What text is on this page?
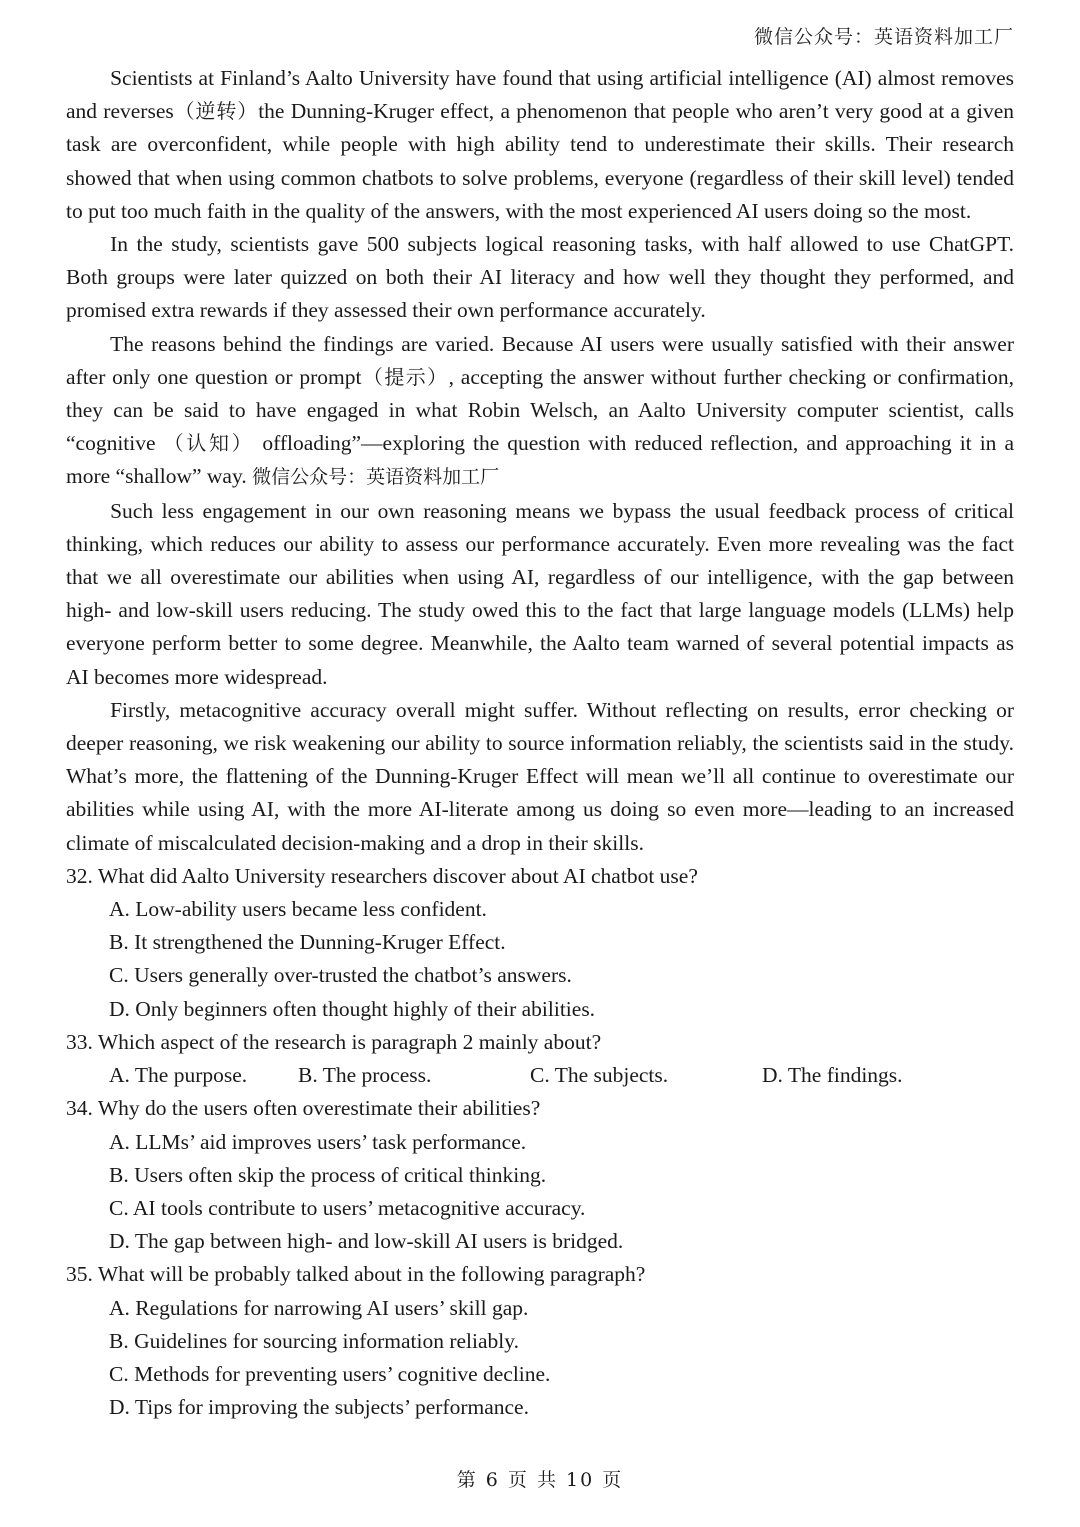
微信公众号：英语资料加工厂

Scientists at Finland’s Aalto University have found that using artificial intelligence (AI) almost removes and reverses（逆转）the Dunning-Kruger effect, a phenomenon that people who aren’t very good at a given task are overconfident, while people with high ability tend to underestimate their skills. Their research showed that when using common chatbots to solve problems, everyone (regardless of their skill level) tended to put too much faith in the quality of the answers, with the most experienced AI users doing so the most.

In the study, scientists gave 500 subjects logical reasoning tasks, with half allowed to use ChatGPT. Both groups were later quizzed on both their AI literacy and how well they thought they performed, and promised extra rewards if they assessed their own performance accurately.

The reasons behind the findings are varied. Because AI users were usually satisfied with their answer after only one question or prompt（提示）, accepting the answer without further checking or confirmation, they can be said to have engaged in what Robin Welsch, an Aalto University computer scientist, calls “cognitive （认知） offloading”—exploring the question with reduced reflection, and approaching it in a more “shallow” way. 微信公众号：英语资料加工厂

Such less engagement in our own reasoning means we bypass the usual feedback process of critical thinking, which reduces our ability to assess our performance accurately. Even more revealing was the fact that we all overestimate our abilities when using AI, regardless of our intelligence, with the gap between high- and low-skill users reducing. The study owed this to the fact that large language models (LLMs) help everyone perform better to some degree. Meanwhile, the Aalto team warned of several potential impacts as AI becomes more widespread.

Firstly, metacognitive accuracy overall might suffer. Without reflecting on results, error checking or deeper reasoning, we risk weakening our ability to source information reliably, the scientists said in the study. What’s more, the flattening of the Dunning-Kruger Effect will mean we’ll all continue to overestimate our abilities while using AI, with the more AI-literate among us doing so even more—leading to an increased climate of miscalculated decision-making and a drop in their skills.

32. What did Aalto University researchers discover about AI chatbot use?

A. Low-ability users became less confident.

B. It strengthened the Dunning-Kruger Effect.

C. Users generally over-trusted the chatbot’s answers.

D. Only beginners often thought highly of their abilities.

33. Which aspect of the research is paragraph 2 mainly about?

A. The purpose.	B. The process.	C. The subjects.	D. The findings.

34. Why do the users often overestimate their abilities?

A. LLMs’ aid improves users’ task performance.

B. Users often skip the process of critical thinking.

C. AI tools contribute to users’ metacognitive accuracy.

D. The gap between high- and low-skill AI users is bridged.

35. What will be probably talked about in the following paragraph?

A. Regulations for narrowing AI users’ skill gap.

B. Guidelines for sourcing information reliably.

C. Methods for preventing users’ cognitive decline.

D. Tips for improving the subjects’ performance.

第 6 页 共 10 页
